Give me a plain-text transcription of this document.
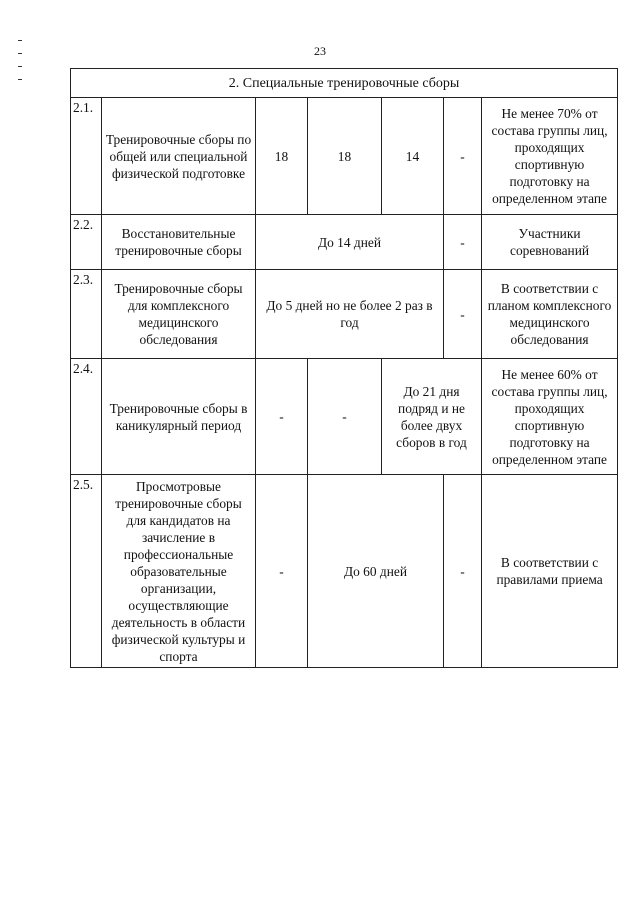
23
2. Специальные тренировочные сборы						
2.1.	Тренировочные сборы по общей или специальной физической подготовке	18	18	14	-	Не менее 70% от состава группы лиц, проходящих спортивную подготовку на определенном этапе
2.2.	Восстановительные тренировочные сборы	До 14 дней			-	Участники соревнований
2.3.	Тренировочные сборы для комплексного медицинского обследования	До 5 дней но не более 2 раз в год			-	В соответствии с планом комплексного медицинского обследования
2.4.	Тренировочные сборы в каникулярный период	-	-	До 21 дня подряд и не более двух сборов в год		Не менее 60% от состава группы лиц, проходящих спортивную подготовку на определенном этапе
2.5.	Просмотровые тренировочные сборы для кандидатов на зачисление в профессиональные образовательные организации, осуществляющие деятельность в области физической культуры и спорта	-	До 60 дней		-	В соответствии с правилами приема
